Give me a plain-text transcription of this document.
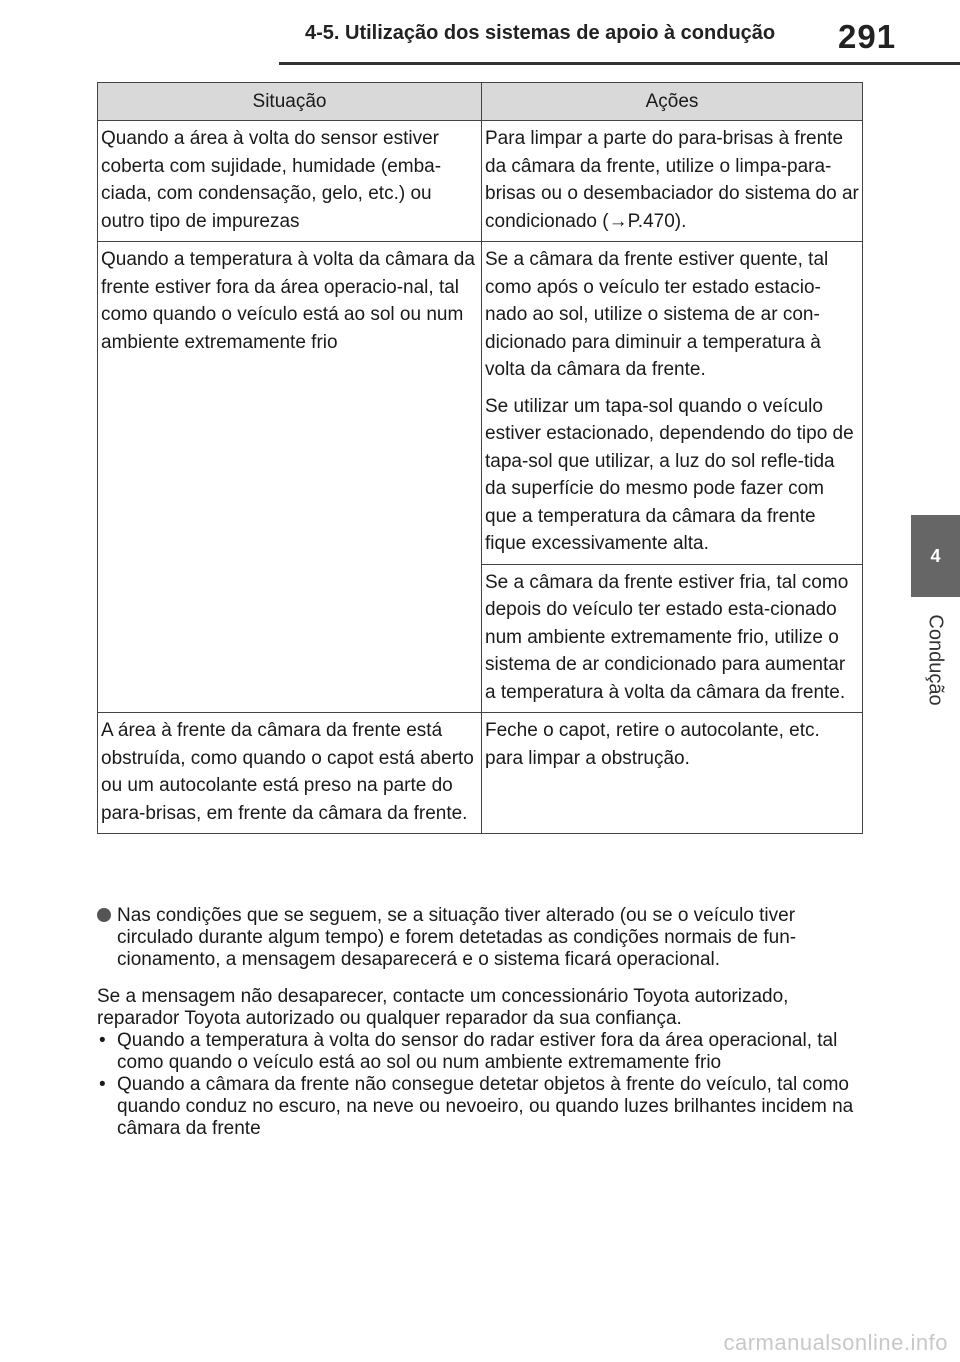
4-5. Utilização dos sistemas de apoio à condução 291
4
Condução
Situação	Ações
Quando a área à volta do sensor estiver coberta com sujidade, humidade (emba-ciada, com condensação, gelo, etc.) ou outro tipo de impurezas	Para limpar a parte do para-brisas à frente da câmara da frente, utilize o limpa-para-brisas ou o desembaciador do sistema do ar condicionado (→P.470).
Quando a temperatura à volta da câmara da frente estiver fora da área operacio-nal, tal como quando o veículo está ao sol ou num ambiente extremamente frio	Se a câmara da frente estiver quente, tal como após o veículo ter estado estacio-nado ao sol, utilize o sistema de ar con-dicionado para diminuir a temperatura à volta da câmara da frente.
Se utilizar um tapa-sol quando o veículo estiver estacionado, dependendo do tipo de tapa-sol que utilizar, a luz do sol refle-tida da superfície do mesmo pode fazer com que a temperatura da câmara da frente fique excessivamente alta.

	Se a câmara da frente estiver fria, tal como depois do veículo ter estado esta-cionado num ambiente extremamente frio, utilize o sistema de ar condicionado para aumentar a temperatura à volta da câmara da frente.
A área à frente da câmara da frente está obstruída, como quando o capot está aberto ou um autocolante está preso na parte do para-brisas, em frente da câmara da frente.	Feche o capot, retire o autocolante, etc. para limpar a obstrução.
Nas condições que se seguem, se a situação tiver alterado (ou se o veículo tiver circulado durante algum tempo) e forem detetadas as condições normais de fun-cionamento, a mensagem desaparecerá e o sistema ficará operacional.
Se a mensagem não desaparecer, contacte um concessionário Toyota autorizado, reparador Toyota autorizado ou qualquer reparador da sua confiança.
• Quando a temperatura à volta do sensor do radar estiver fora da área operacional, tal como quando o veículo está ao sol ou num ambiente extremamente frio
• Quando a câmara da frente não consegue detetar objetos à frente do veículo, tal como quando conduz no escuro, na neve ou nevoeiro, ou quando luzes brilhantes incidem na câmara da frente
carmanualsonline.info
